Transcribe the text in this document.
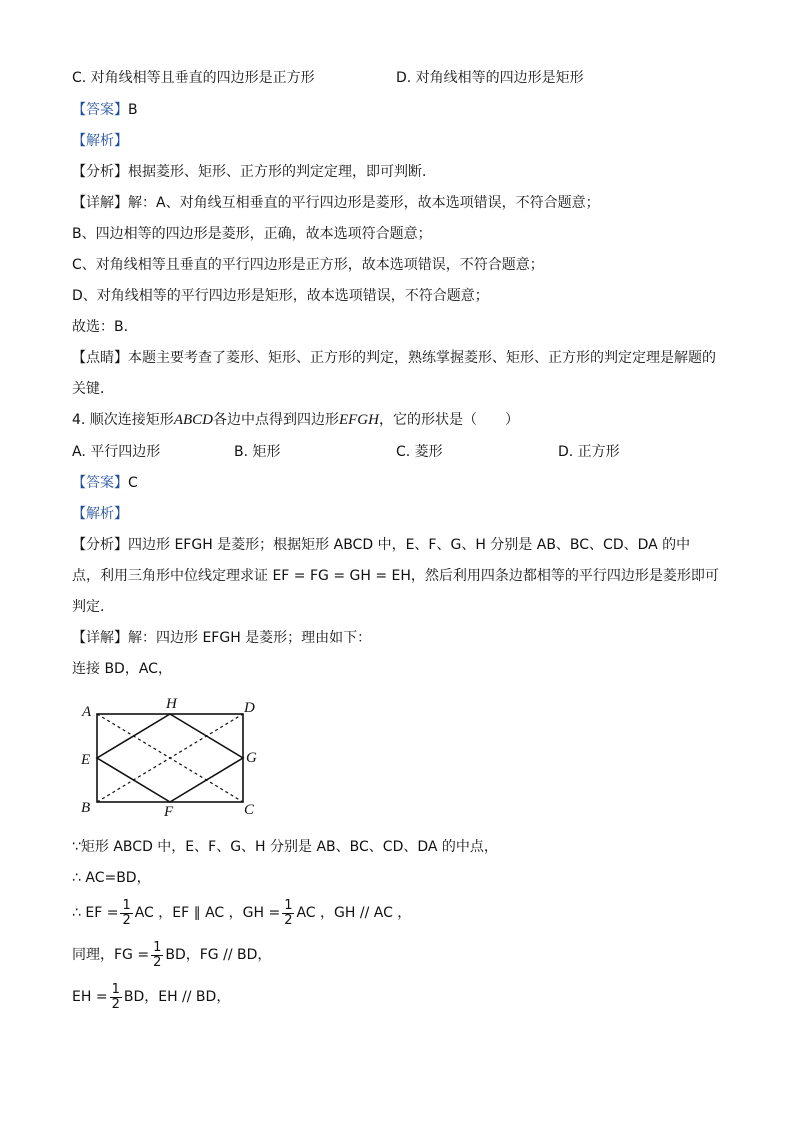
C. 对角线相等且垂直的四边形是正方形	D. 对角线相等的四边形是矩形
【答案】B
【解析】
【分析】根据菱形、矩形、正方形的判定定理，即可判断．
【详解】解：A、对角线互相垂直的平行四边形是菱形，故本选项错误，不符合题意；
B、四边相等的四边形是菱形，正确，故本选项符合题意；
C、对角线相等且垂直的平行四边形是正方形，故本选项错误，不符合题意；
D、对角线相等的平行四边形是矩形，故本选项错误，不符合题意；
故选：B．
【点睛】本题主要考查了菱形、矩形、正方形的判定，熟练掌握菱形、矩形、正方形的判定定理是解题的
关键．
4. 顺次连接矩形ABCD各边中点得到四边形EFGH，它的形状是（　　）
A. 平行四边形	B. 矩形	C. 菱形	D. 正方形
【答案】C
【解析】
【分析】四边形 EFGH 是菱形；根据矩形 ABCD 中，E、F、G、H 分别是 AB、BC、CD、DA 的中
点，利用三角形中位线定理求证 EF = FG = GH = EH，然后利用四条边都相等的平行四边形是菱形即可
判定．
【详解】解：四边形 EFGH 是菱形；理由如下：
连接 BD，AC，
A	H	D
E	G
B	F	C
∵矩形 ABCD 中，E、F、G、H 分别是 AB、BC、CD、DA 的中点，
∴ AC=BD，
∴ EF = $\frac{1}{2}$ AC ，EF ∥ AC ，GH = $\frac{1}{2}$ AC ，GH // AC ，
同理，FG = $\frac{1}{2}$ BD，FG // BD，
EH = $\frac{1}{2}$ BD，EH // BD，
